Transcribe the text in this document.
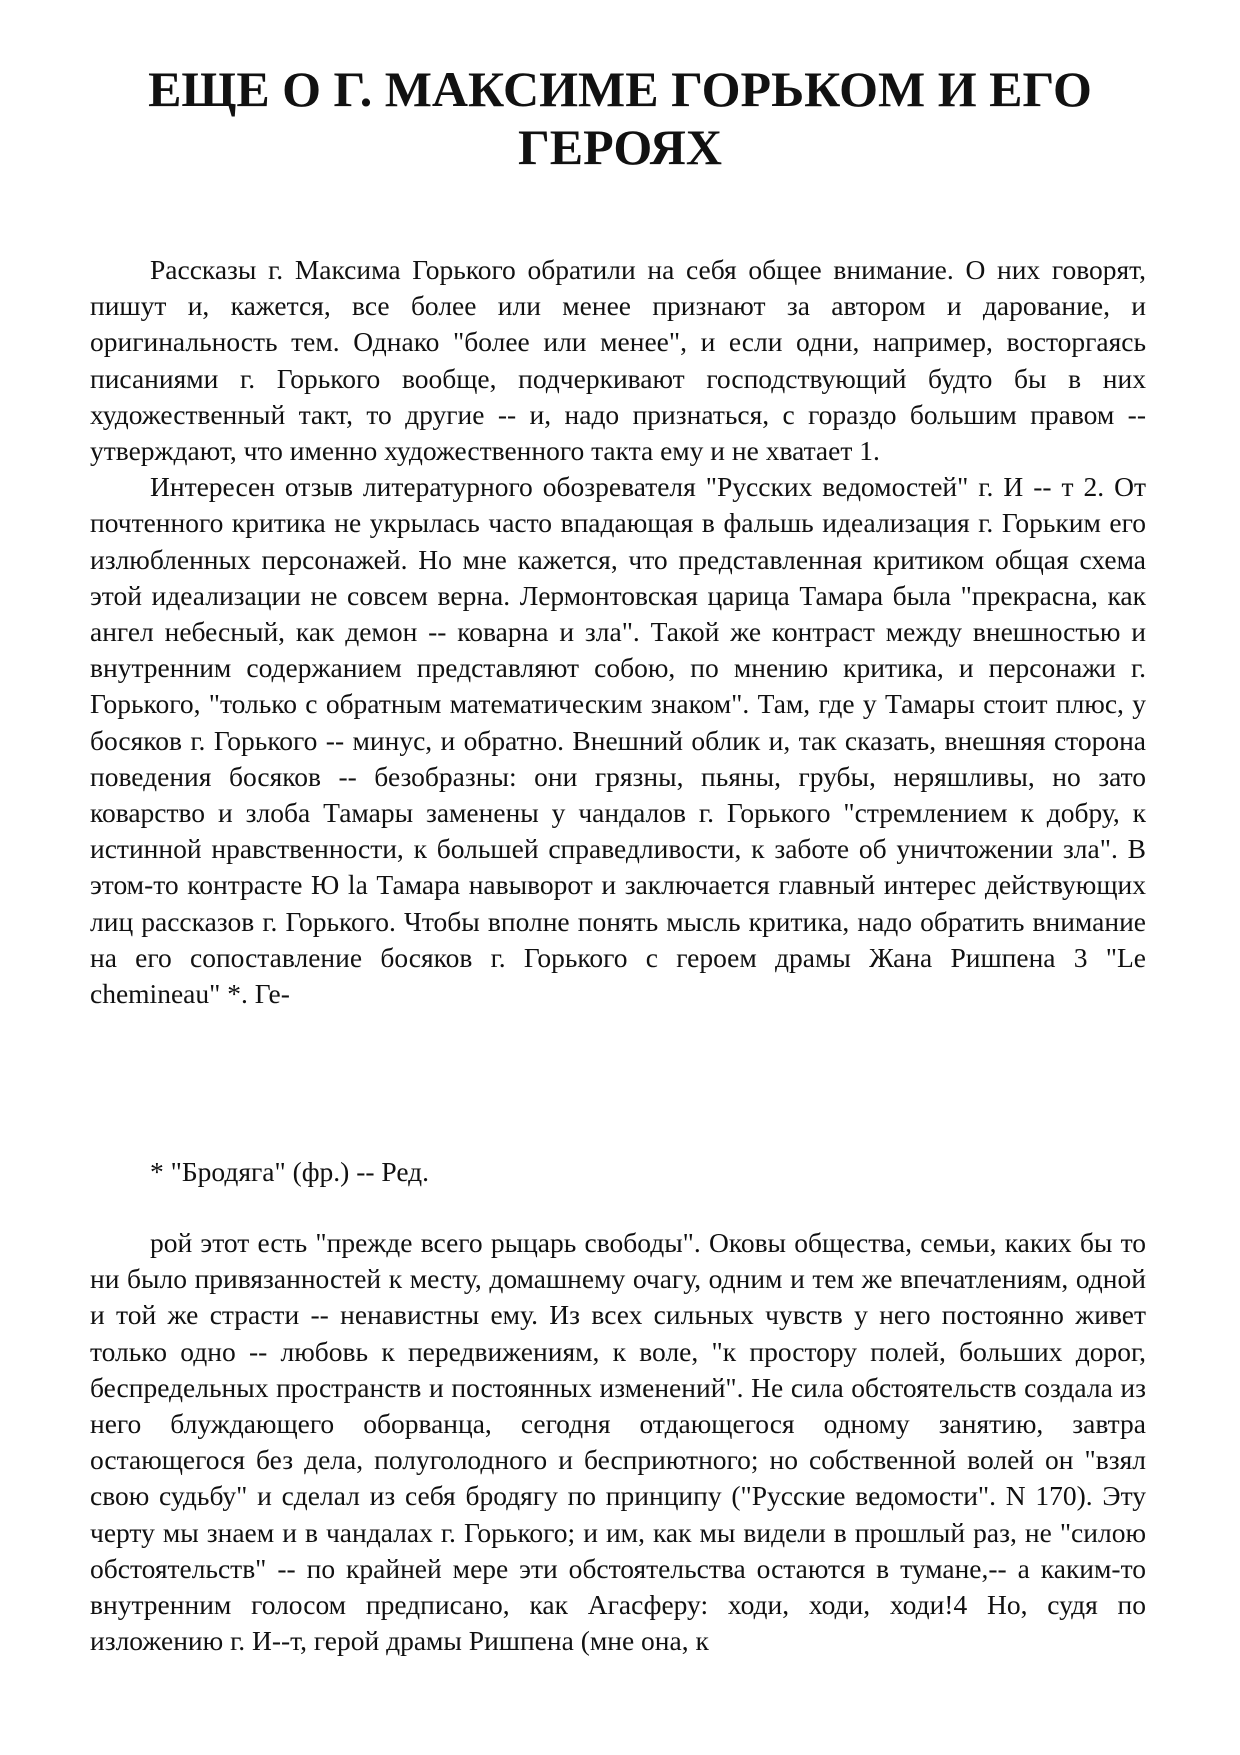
ЕЩЕ О Г. МАКСИМЕ ГОРЬКОМ И ЕГО
ГЕРОЯХ

Рассказы г. Максима Горького обратили на себя общее внимание. О них говорят, пишут и, кажется, все более или менее признают за автором и дарование, и оригинальность тем. Однако "более или менее", и если одни, например, восторгаясь писаниями г. Горького вообще, подчеркивают господствующий будто бы в них художественный такт, то другие -- и, надо признаться, с гораздо большим правом -- утверждают, что именно художественного такта ему и не хватает 1.

Интересен отзыв литературного обозревателя "Русских ведомостей" г. И -- т 2. От почтенного критика не укрылась часто впадающая в фальшь идеализация г. Горьким его излюбленных персонажей. Но мне кажется, что представленная критиком общая схема этой идеализации не совсем верна. Лермонтовская царица Тамара была "прекрасна, как ангел небесный, как демон -- коварна и зла". Такой же контраст между внешностью и внутренним содержанием представляют собою, по мнению критика, и персонажи г. Горького, "только с обратным математическим знаком". Там, где у Тамары стоит плюс, у босяков г. Горького -- минус, и обратно. Внешний облик и, так сказать, внешняя сторона поведения босяков -- безобразны: они грязны, пьяны, грубы, неряшливы, но зато коварство и злоба Тамары заменены у чандалов г. Горького "стремлением к добру, к истинной нравственности, к большей справедливости, к заботе об уничтожении зла". В этом-то контрасте Ю la Тамара навыворот и заключается главный интерес действующих лиц рассказов г. Горького. Чтобы вполне понять мысль критика, надо обратить внимание на его сопоставление босяков г. Горького с героем драмы Жана Ришпена 3 "Le chemineau" *. Ге-

* "Бродяга" (фр.) -- Ред.

рой этот есть "прежде всего рыцарь свободы". Оковы общества, семьи, каких бы то ни было привязанностей к месту, домашнему очагу, одним и тем же впечатлениям, одной и той же страсти -- ненавистны ему. Из всех сильных чувств у него постоянно живет только одно -- любовь к передвижениям, к воле, "к простору полей, больших дорог, беспредельных пространств и постоянных изменений". Не сила обстоятельств создала из него блуждающего оборванца, сегодня отдающегося одному занятию, завтра остающегося без дела, полуголодного и бесприютного; но собственной волей он "взял свою судьбу" и сделал из себя бродягу по принципу ("Русские ведомости". N 170). Эту черту мы знаем и в чандалах г. Горького; и им, как мы видели в прошлый раз, не "силою обстоятельств" -- по крайней мере эти обстоятельства остаются в тумане,-- а каким-то внутренним голосом предписано, как Агасферу: ходи, ходи, ходи!4 Но, судя по изложению г. И--т, герой драмы Ришпена (мне она, к
